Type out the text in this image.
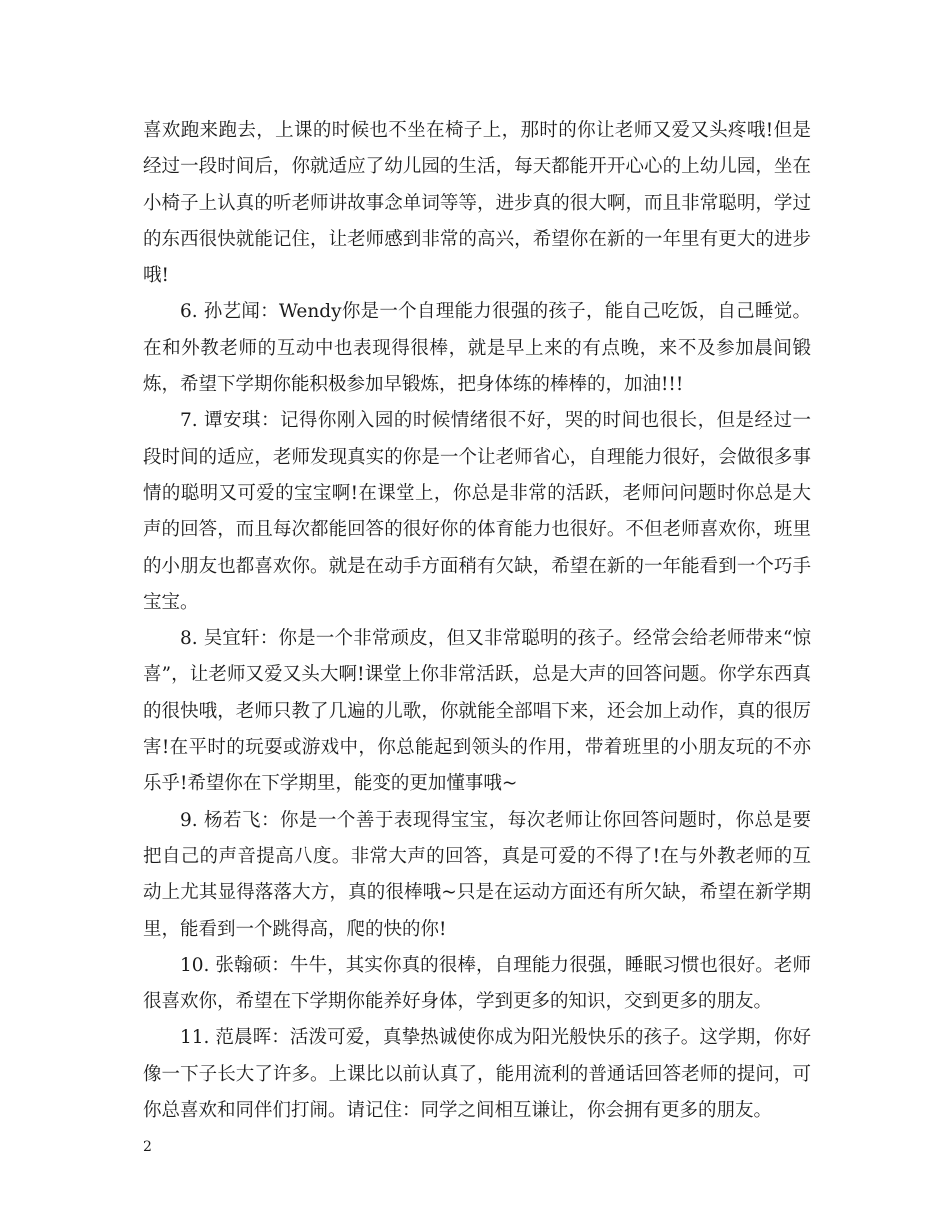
喜欢跑来跑去，上课的时候也不坐在椅子上，那时的你让老师又爱又头疼哦!但是经过一段时间后，你就适应了幼儿园的生活，每天都能开开心心的上幼儿园，坐在小椅子上认真的听老师讲故事念单词等等，进步真的很大啊，而且非常聪明，学过的东西很快就能记住，让老师感到非常的高兴，希望你在新的一年里有更大的进步哦!

6. 孙艺闻：Wendy你是一个自理能力很强的孩子，能自己吃饭，自己睡觉。在和外教老师的互动中也表现得很棒，就是早上来的有点晚，来不及参加晨间锻炼，希望下学期你能积极参加早锻炼，把身体练的棒棒的，加油!!!

7. 谭安琪：记得你刚入园的时候情绪很不好，哭的时间也很长，但是经过一段时间的适应，老师发现真实的你是一个让老师省心，自理能力很好，会做很多事情的聪明又可爱的宝宝啊!在课堂上，你总是非常的活跃，老师问问题时你总是大声的回答，而且每次都能回答的很好你的体育能力也很好。不但老师喜欢你，班里的小朋友也都喜欢你。就是在动手方面稍有欠缺，希望在新的一年能看到一个巧手宝宝。

8. 吴宜轩：你是一个非常顽皮，但又非常聪明的孩子。经常会给老师带来“惊喜”，让老师又爱又头大啊!课堂上你非常活跃，总是大声的回答问题。你学东西真的很快哦，老师只教了几遍的儿歌，你就能全部唱下来，还会加上动作，真的很厉害!在平时的玩耍或游戏中，你总能起到领头的作用，带着班里的小朋友玩的不亦乐乎!希望你在下学期里，能变的更加懂事哦~

9. 杨若飞：你是一个善于表现得宝宝，每次老师让你回答问题时，你总是要把自己的声音提高八度。非常大声的回答，真是可爱的不得了!在与外教老师的互动上尤其显得落落大方，真的很棒哦~只是在运动方面还有所欠缺，希望在新学期里，能看到一个跳得高，爬的快的你!

10. 张翰硕：牛牛，其实你真的很棒，自理能力很强，睡眠习惯也很好。老师很喜欢你，希望在下学期你能养好身体，学到更多的知识，交到更多的朋友。

11. 范晨晖：活泼可爱，真挚热诚使你成为阳光般快乐的孩子。这学期，你好像一下子长大了许多。上课比以前认真了，能用流利的普通话回答老师的提问，可你总喜欢和同伴们打闹。请记住：同学之间相互谦让，你会拥有更多的朋友。

2
